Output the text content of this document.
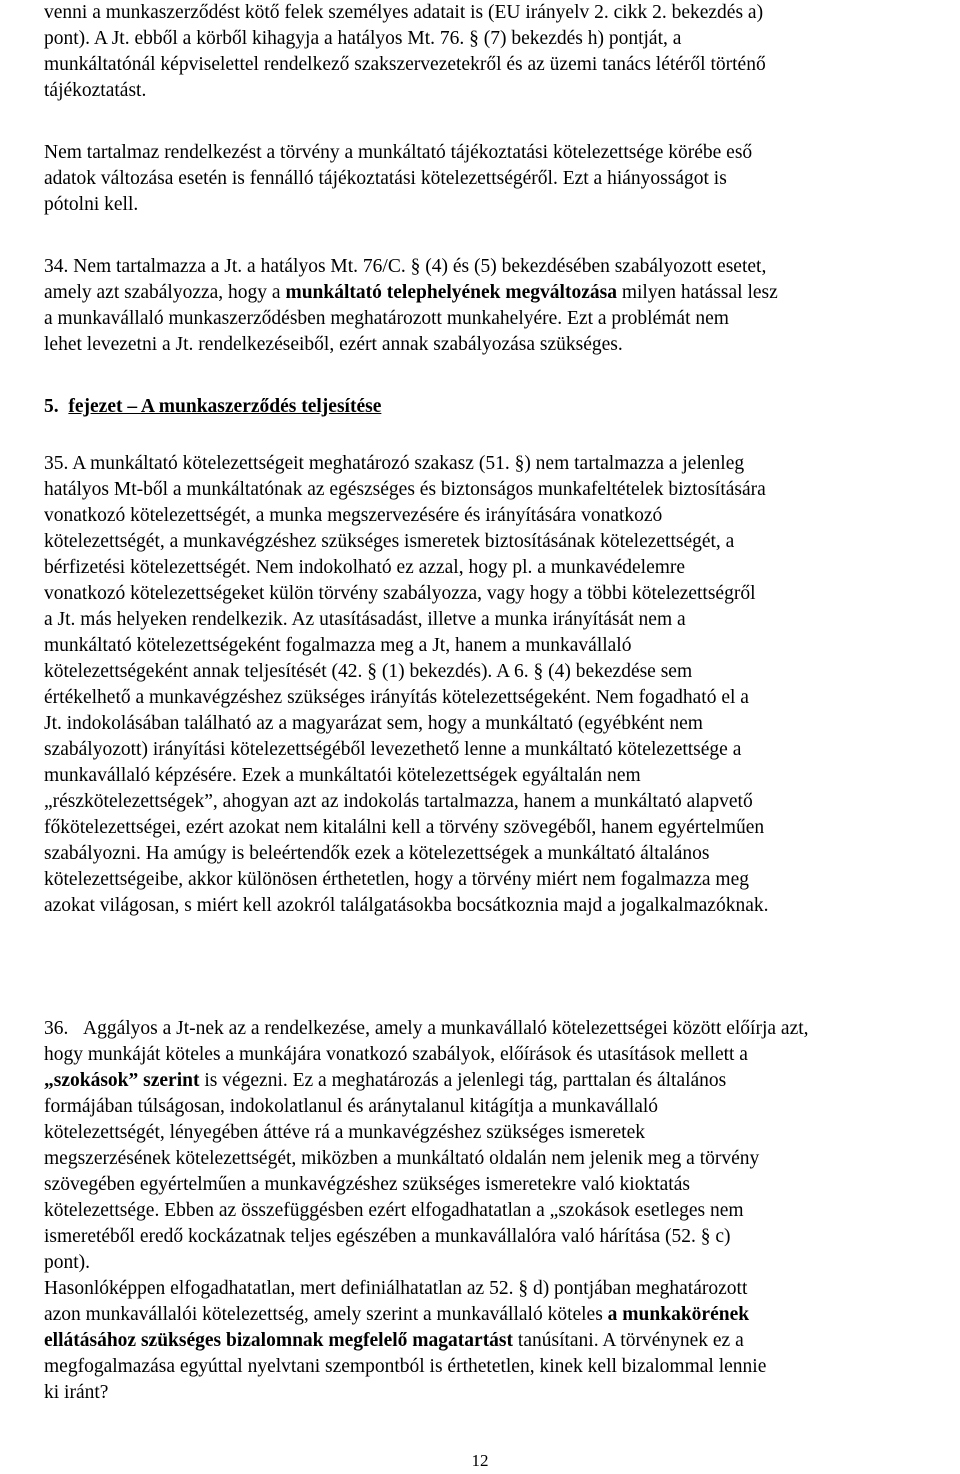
venni a munkaszerződést kötő felek személyes adatait is (EU irányelv 2. cikk 2. bekezdés a)

pont). A Jt. ebből a körből kihagyja a hatályos Mt. 76. § (7) bekezdés h) pontját, a

munkáltatónál képviselettel rendelkező szakszervezetekről és az üzemi tanács létéről történő

tájékoztatást.

Nem tartalmaz rendelkezést a törvény a munkáltató tájékoztatási kötelezettsége körébe eső

adatok változása esetén is fennálló tájékoztatási kötelezettségéről. Ezt a hiányosságot is

pótolni kell.

34. Nem tartalmazza a Jt. a hatályos Mt. 76/C. § (4) és (5) bekezdésében szabályozott esetet,

amely azt szabályozza, hogy a munkáltató telephelyének megváltozása milyen hatással lesz

a munkavállaló munkaszerződésben meghatározott munkahelyére. Ezt a problémát nem

lehet levezetni a Jt. rendelkezéseiből, ezért annak szabályozása szükséges.

5. fejezet – A munkaszerződés teljesítése

35. A munkáltató kötelezettségeit meghatározó szakasz (51. §) nem tartalmazza a jelenleg

hatályos Mt-ből a munkáltatónak az egészséges és biztonságos munkafeltételek biztosítására

vonatkozó kötelezettségét, a munka megszervezésére és irányítására vonatkozó

kötelezettségét, a munkavégzéshez szükséges ismeretek biztosításának kötelezettségét, a

bérfizetési kötelezettségét. Nem indokolható ez azzal, hogy pl. a munkavédelemre

vonatkozó kötelezettségeket külön törvény szabályozza, vagy hogy a többi kötelezettségről

a Jt. más helyeken rendelkezik. Az utasításadást, illetve a munka irányítását nem a

munkáltató kötelezettségeként fogalmazza meg a Jt, hanem a munkavállaló

kötelezettségeként annak teljesítését (42. § (1) bekezdés). A 6. § (4) bekezdése sem

értékelhető a munkavégzéshez szükséges irányítás kötelezettségeként. Nem fogadható el a

Jt. indokolásában található az a magyarázat sem, hogy a munkáltató (egyébként nem

szabályozott) irányítási kötelezettségéből levezethető lenne a munkáltató kötelezettsége a

munkavállaló képzésére. Ezek a munkáltatói kötelezettségek egyáltalán nem

„részkötelezettségek”, ahogyan azt az indokolás tartalmazza, hanem a munkáltató alapvető

főkötelezettségei, ezért azokat nem kitalálni kell a törvény szövegéből, hanem egyértelműen

szabályozni. Ha amúgy is beleértendők ezek a kötelezettségek a munkáltató általános

kötelezettségeibe, akkor különösen érthetetlen, hogy a törvény miért nem fogalmazza meg

azokat világosan, s miért kell azokról találgatásokba bocsátkoznia majd a jogalkalmazóknak.

36. Aggályos a Jt-nek az a rendelkezése, amely a munkavállaló kötelezettségei között előírja azt,

hogy munkáját köteles a munkájára vonatkozó szabályok, előírások és utasítások mellett a

„szokások” szerint is végezni. Ez a meghatározás a jelenlegi tág, parttalan és általános

formájában túlságosan, indokolatlanul és aránytalanul kitágítja a munkavállaló

kötelezettségét, lényegében áttéve rá a munkavégzéshez szükséges ismeretek

megszerzésének kötelezettségét, miközben a munkáltató oldalán nem jelenik meg a törvény

szövegében egyértelműen a munkavégzéshez szükséges ismeretekre való kioktatás

kötelezettsége. Ebben az összefüggésben ezért elfogadhatatlan a „szokások esetleges nem

ismeretéből eredő kockázatnak teljes egészében a munkavállalóra való hárítása (52. § c)

pont).

Hasonlóképpen elfogadhatatlan, mert definiálhatatlan az 52. § d) pontjában meghatározott

azon munkavállalói kötelezettség, amely szerint a munkavállaló köteles a munkakörének

ellátásához szükséges bizalomnak megfelelő magatartást tanúsítani. A törvénynek ez a

megfogalmazása egyúttal nyelvtani szempontból is érthetetlen, kinek kell bizalommal lennie

ki iránt?

12
